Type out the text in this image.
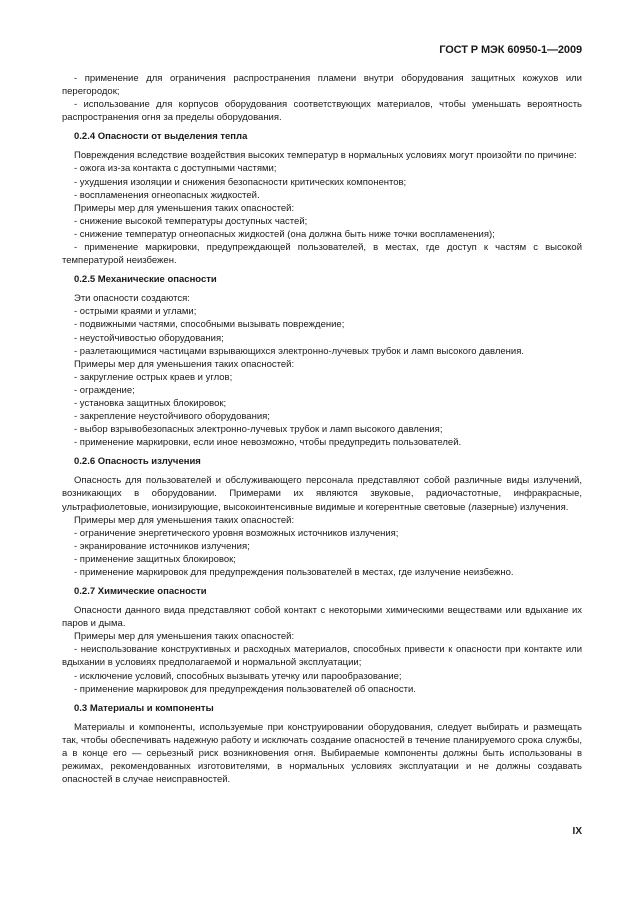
ГОСТ Р МЭК 60950-1—2009

- применение для ограничения распространения пламени внутри оборудования защитных кожухов или перегородок;

- использование для корпусов оборудования соответствующих материалов, чтобы уменьшать вероятность распространения огня за пределы оборудования.

0.2.4 Опасности от выделения тепла

Повреждения вследствие воздействия высоких температур в нормальных условиях могут произойти по причине:

- ожога из-за контакта с доступными частями;

- ухудшения изоляции и снижения безопасности критических компонентов;

- воспламенения огнеопасных жидкостей.

Примеры мер для уменьшения таких опасностей:

- снижение высокой температуры доступных частей;

- снижение температур огнеопасных жидкостей (она должна быть ниже точки воспламенения);

- применение маркировки, предупреждающей пользователей, в местах, где доступ к частям с высокой температурой неизбежен.

0.2.5 Механические опасности

Эти опасности создаются:

- острыми краями и углами;

- подвижными частями, способными вызывать повреждение;

- неустойчивостью оборудования;

- разлетающимися частицами взрывающихся электронно-лучевых трубок и ламп высокого давления.

Примеры мер для уменьшения таких опасностей:

- закругление острых краев и углов;

- ограждение;

- установка защитных блокировок;

- закрепление неустойчивого оборудования;

- выбор взрывобезопасных электронно-лучевых трубок и ламп высокого давления;

- применение маркировки, если иное невозможно, чтобы предупредить пользователей.

0.2.6 Опасность излучения

Опасность для пользователей и обслуживающего персонала представляют собой различные виды излучений, возникающих в оборудовании. Примерами их являются звуковые, радиочастотные, инфракрасные, ультрафиолетовые, ионизирующие, высокоинтенсивные видимые и когерентные световые (лазерные) излучения.

Примеры мер для уменьшения таких опасностей:

- ограничение энергетического уровня возможных источников излучения;

- экранирование источников излучения;

- применение защитных блокировок;

- применение маркировок для предупреждения пользователей в местах, где излучение неизбежно.

0.2.7 Химические опасности

Опасности данного вида представляют собой контакт с некоторыми химическими веществами или вдыхание их паров и дыма.

Примеры мер для уменьшения таких опасностей:

- неиспользование конструктивных и расходных материалов, способных привести к опасности при контакте или вдыхании в условиях предполагаемой и нормальной эксплуатации;

- исключение условий, способных вызывать утечку или парообразование;

- применение маркировок для предупреждения пользователей об опасности.

0.3 Материалы и компоненты

Материалы и компоненты, используемые при конструировании оборудования, следует выбирать и размещать так, чтобы обеспечивать надежную работу и исключать создание опасностей в течение планируемого срока службы, а в конце его — серьезный риск возникновения огня. Выбираемые компоненты должны быть использованы в режимах, рекомендованных изготовителями, в нормальных условиях эксплуатации и не должны создавать опасностей в случае неисправностей.

IX
